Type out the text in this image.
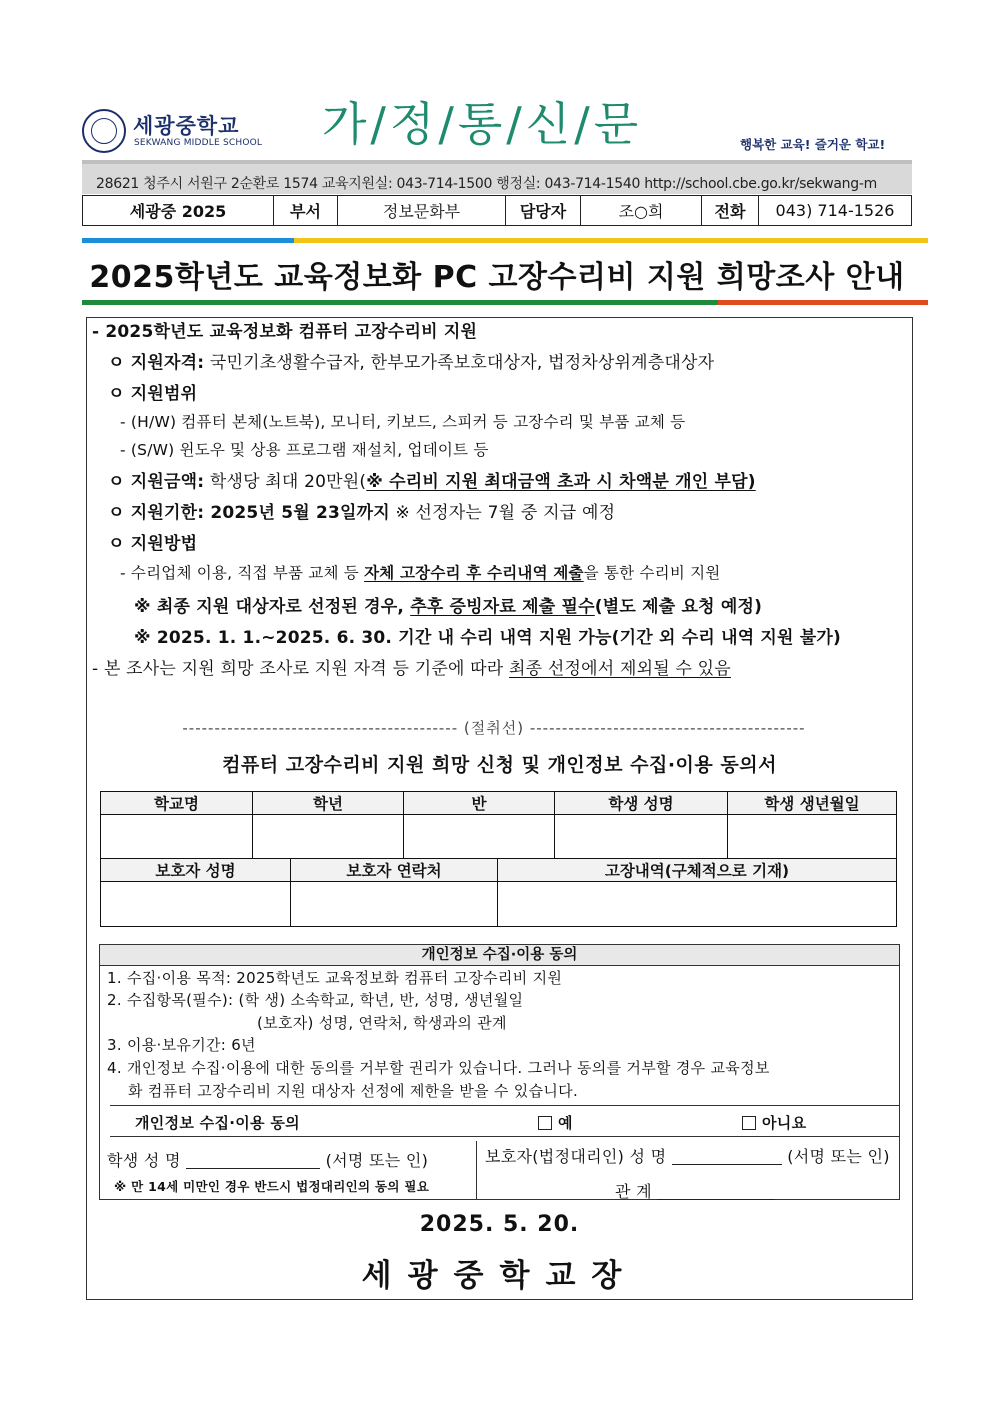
세광중학교
SEKWANG MIDDLE SCHOOL 가/정/통/신/문	행복한 교육! 즐거운 학교!
28621 청주시 서원구 2순환로 1574 교육지원실: 043-714-1500 행정실: 043-714-1540 http://school.cbe.go.kr/sekwang-m
세광중 2025	부서	정보문화부	담당자	조○희	전화	043) 714-1526
2025학년도 교육정보화 PC 고장수리비 지원 희망조사 안내
- 2025학년도 교육정보화 컴퓨터 고장수리비 지원
ㅇ 지원자격: 국민기초생활수급자, 한부모가족보호대상자, 법정차상위계층대상자
ㅇ 지원범위
- (H/W) 컴퓨터 본체(노트북), 모니터, 키보드, 스피커 등 고장수리 및 부품 교체 등
- (S/W) 윈도우 및 상용 프로그램 재설치, 업데이트 등
ㅇ 지원금액: 학생당 최대 20만원(※ 수리비 지원 최대금액 초과 시 차액분 개인 부담)
ㅇ 지원기한: 2025년 5월 23일까지 ※ 선정자는 7월 중 지급 예정
ㅇ 지원방법
- 수리업체 이용, 직접 부품 교체 등 자체 고장수리 후 수리내역 제출을 통한 수리비 지원
※ 최종 지원 대상자로 선정된 경우, 추후 증빙자료 제출 필수(별도 제출 요청 예정)
※ 2025. 1. 1.~2025. 6. 30. 기간 내 수리 내역 지원 가능(기간 외 수리 내역 지원 불가)
- 본 조사는 지원 희망 조사로 지원 자격 등 기준에 따라 최종 선정에서 제외될 수 있음
------------------------------------------- (절취선) -------------------------------------------
컴퓨터 고장수리비 지원 희망 신청 및 개인정보 수집·이용 동의서
학교명	학년	반	학생 성명	학생 생년월일

보호자 성명	보호자 연락처	고장내역(구체적으로 기재)

개인정보 수집·이용 동의
1. 수집·이용 목적: 2025학년도 교육정보화 컴퓨터 고장수리비 지원
2. 수집항목(필수): (학 생) 소속학교, 학년, 반, 성명, 생년월일
(보호자) 성명, 연락처, 학생과의 관계
3. 이용·보유기간: 6년
4. 개인정보 수집·이용에 대한 동의를 거부할 권리가 있습니다. 그러나 동의를 거부할 경우 교육정보
화 컴퓨터 고장수리비 지원 대상자 선정에 제한을 받을 수 있습니다.
개인정보 수집·이용 동의	예	아니요
학생 성 명	(서명 또는 인)
※ 만 14세 미만인 경우 반드시 법정대리인의 동의 필요
보호자(법정대리인) 성 명	(서명 또는 인)
관 계
2025. 5. 20.
세광중학교장
